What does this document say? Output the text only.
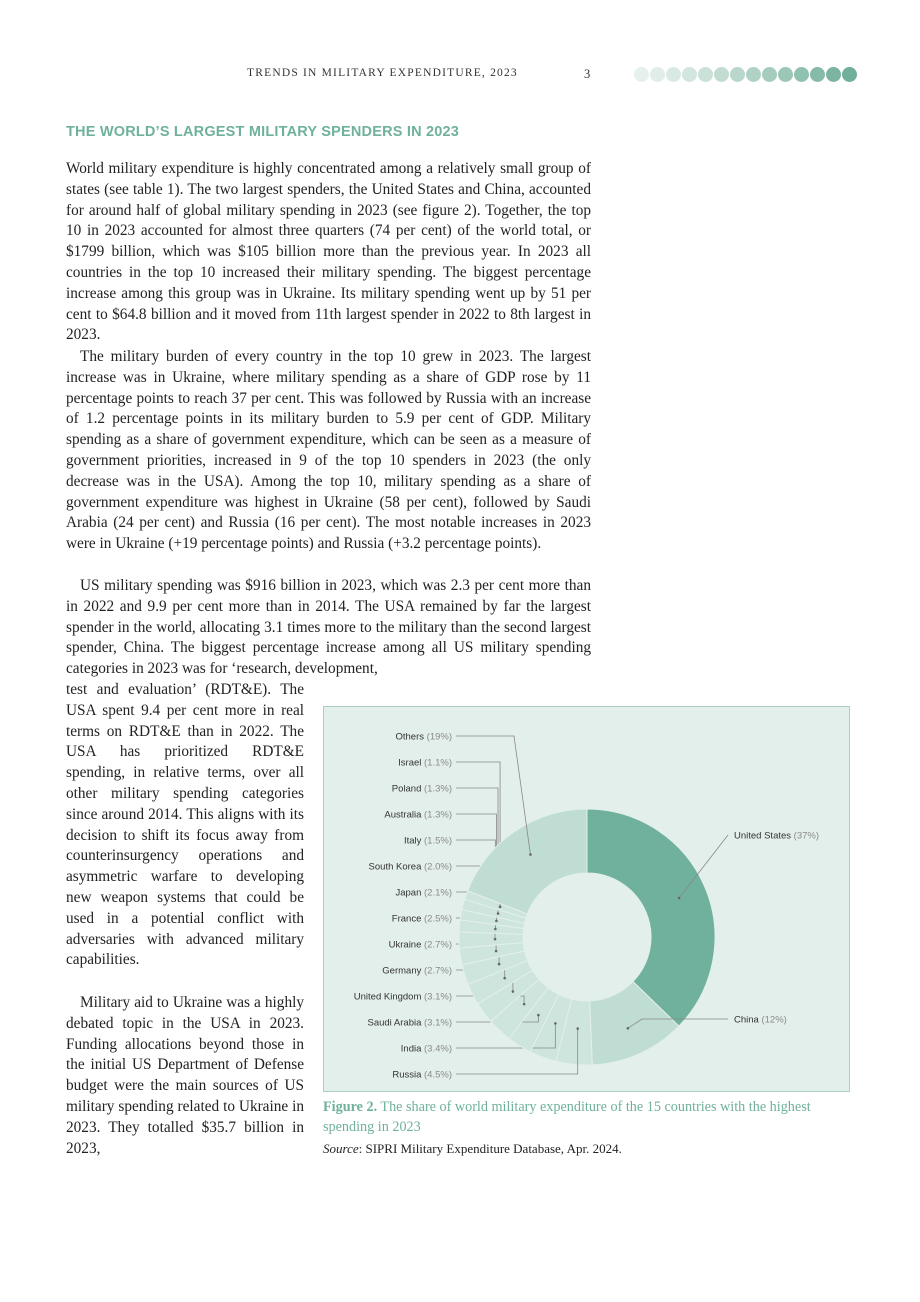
TRENDS IN MILITARY EXPENDITURE, 2023	3
THE WORLD’S LARGEST MILITARY SPENDERS IN 2023

World military expenditure is highly concentrated among a relatively small group of states (see table 1). The two largest spenders, the United States and China, accounted for around half of global military spending in 2023 (see figure 2). Together, the top 10 in 2023 accounted for almost three quarters (74 per cent) of the world total, or $1799 billion, which was $105 billion more than the previous year. In 2023 all countries in the top 10 increased their military spending. The biggest percentage increase among this group was in Ukraine. Its military spending went up by 51 per cent to $64.8 billion and it moved from 11th largest spender in 2022 to 8th largest in 2023.

The military burden of every country in the top 10 grew in 2023. The largest increase was in Ukraine, where military spending as a share of GDP rose by 11 percentage points to reach 37 per cent. This was followed by Russia with an increase of 1.2 percentage points in its military burden to 5.9 per cent of GDP. Military spending as a share of government expenditure, which can be seen as a measure of government priorities, increased in 9 of the top 10 spenders in 2023 (the only decrease was in the USA). Among the top 10, military spending as a share of government expenditure was highest in Ukraine (58 per cent), followed by Saudi Arabia (24 per cent) and Russia (16 per cent). The most notable increases in 2023 were in Ukraine (+19 percentage points) and Russia (+3.2 percentage points).

US military spending was $916 billion in 2023, which was 2.3 per cent more than in 2022 and 9.9 per cent more than in 2014. The USA remained by far the largest spender in the world, allocating 3.1 times more to the military than the second largest spender, China. The biggest percentage increase among all US military spending categories in 2023 was for ‘research, development,

test and evaluation’ (RDT&E). The USA spent 9.4 per cent more in real terms on RDT&E than in 2022. The USA has prioritized RDT&E spending, in relative terms, over all other military spending categories since around 2014. This aligns with its decision to shift its focus away from counterinsurgency operations and asymmetric warfare to developing new weapon systems that could be used in a potential conflict with adversaries with advanced military capabilities.

Military aid to Ukraine was a highly debated topic in the USA in 2023. Funding allocations beyond those in the initial US Department of Defense budget were the main sources of US military spending related to Ukraine in 2023. They totalled $35.7 billion in 2023,

United States (37%)
China (12%)
Russia (4.5%)
India (3.4%)
Saudi Arabia (3.1%)
United Kingdom (3.1%)
Germany (2.7%)
Ukraine (2.7%)
France (2.5%)
Japan (2.1%)
South Korea (2.0%)
Italy (1.5%)
Australia (1.3%)
Poland (1.3%)
Israel (1.1%)
Others (19%)

Figure 2. The share of world military expenditure of the 15 countries with the highest spending in 2023

Source: SIPRI Military Expenditure Database, Apr. 2024.
